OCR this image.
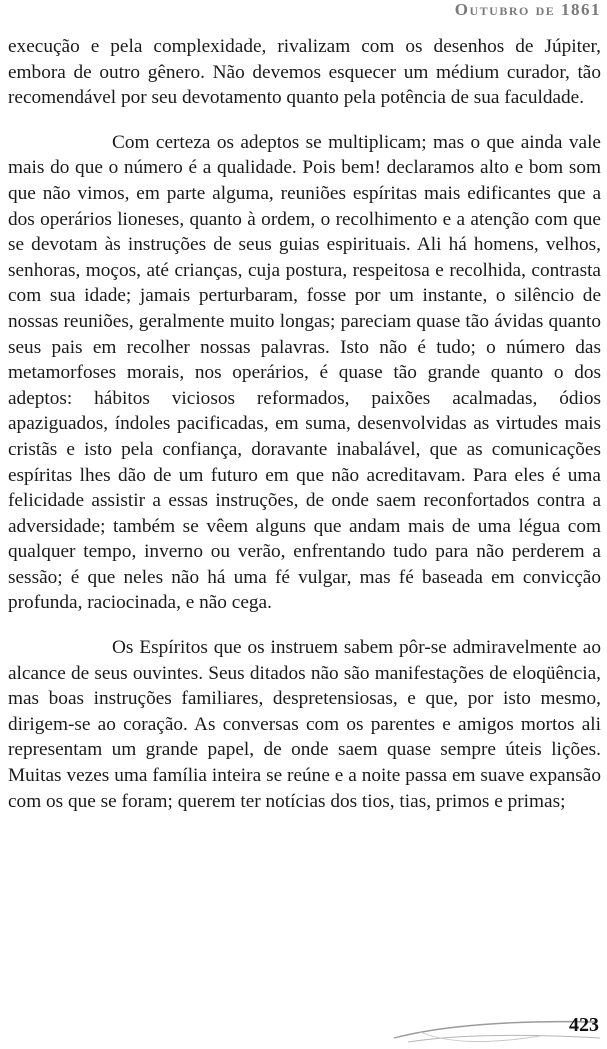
Outubro de 1861

execução e pela complexidade, rivalizam com os desenhos de Júpiter, embora de outro gênero. Não devemos esquecer um médium curador, tão recomendável por seu devotamento quanto pela potência de sua faculdade.

Com certeza os adeptos se multiplicam; mas o que ainda vale mais do que o número é a qualidade. Pois bem! declaramos alto e bom som que não vimos, em parte alguma, reuniões espíritas mais edificantes que a dos operários lioneses, quanto à ordem, o recolhimento e a atenção com que se devotam às instruções de seus guias espirituais. Ali há homens, velhos, senhoras, moços, até crianças, cuja postura, respeitosa e recolhida, contrasta com sua idade; jamais perturbaram, fosse por um instante, o silêncio de nossas reuniões, geralmente muito longas; pareciam quase tão ávidas quanto seus pais em recolher nossas palavras. Isto não é tudo; o número das metamorfoses morais, nos operários, é quase tão grande quanto o dos adeptos: hábitos viciosos reformados, paixões acalmadas, ódios apaziguados, índoles pacificadas, em suma, desenvolvidas as virtudes mais cristãs e isto pela confiança, doravante inabalável, que as comunicações espíritas lhes dão de um futuro em que não acreditavam. Para eles é uma felicidade assistir a essas instruções, de onde saem reconfortados contra a adversidade; também se vêem alguns que andam mais de uma légua com qualquer tempo, inverno ou verão, enfrentando tudo para não perderem a sessão; é que neles não há uma fé vulgar, mas fé baseada em convicção profunda, raciocinada, e não cega.

Os Espíritos que os instruem sabem pôr-se admiravelmente ao alcance de seus ouvintes. Seus ditados não são manifestações de eloqüência, mas boas instruções familiares, despretensiosas, e que, por isto mesmo, dirigem-se ao coração. As conversas com os parentes e amigos mortos ali representam um grande papel, de onde saem quase sempre úteis lições. Muitas vezes uma família inteira se reúne e a noite passa em suave expansão com os que se foram; querem ter notícias dos tios, tias, primos e primas;

423
